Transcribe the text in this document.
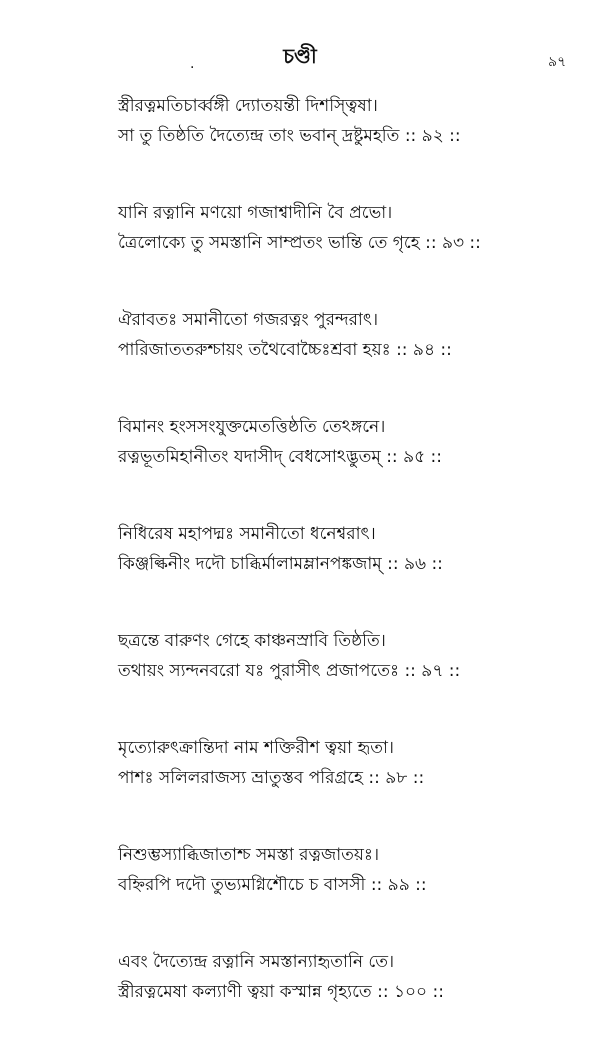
চণ্ডী	৯৭
·
স্ত্রীরত্নমতিচার্ব্বঙ্গী দ্যোতয়ন্তী দিশস্ত্বিষা।
সা তু তিষ্ঠতি দৈত্যেন্দ্র তাং ভবান্ দ্রষ্টুমহতি :: ৯২ ::
যানি রত্নানি মণয়ো গজাশ্বাদীনি বৈ প্রভো।
ত্রৈলোক্যে তু সমস্তানি সাম্প্রতং ভান্তি তে গৃহে :: ৯৩ ::
ঐরাবতঃ সমানীতো গজরত্নং পুরন্দরাৎ।
পারিজাততরুশ্চায়ং তথৈবোচ্চৈঃশ্রবা হয়ঃ :: ৯৪ ::
বিমানং হংসসংযুক্তমেতত্তিষ্ঠতি তেঽঙ্গনে।
রত্নভূতমিহানীতং যদাসীদ্ বেধসোঽদ্ভুতম্ :: ৯৫ ::
নিধিরেষ মহাপদ্মঃ সমানীতো ধনেশ্বরাৎ।
কিঞ্জল্কিনীং দদৌ চাব্ধির্মালামম্লানপঙ্কজাম্ :: ৯৬ ::
ছত্রন্তে বারুণং গেহে কাঞ্চনস্রাবি তিষ্ঠতি।
তথায়ং স্যন্দনবরো যঃ পুরাসীৎ প্রজাপতেঃ :: ৯৭ ::
মৃত্যোরুৎক্রান্তিদা নাম শক্তিরীশ ত্বয়া হৃতা।
পাশঃ সলিলরাজস্য ভ্রাতুস্তব পরিগ্রহে :: ৯৮ ::
নিশুম্ভস্যাব্ধিজাতাশ্চ সমস্তা রত্নজাতয়ঃ।
বহ্নিরপি দদৌ তুভ্যমগ্নিশৌচে চ বাসসী :: ৯৯ ::
এবং দৈত্যেন্দ্র রত্নানি সমস্তান্যাহৃতানি তে।
স্ত্রীরত্নমেষা কল্যাণী ত্বয়া কস্মান্ন গৃহ্যতে :: ১০০ ::
